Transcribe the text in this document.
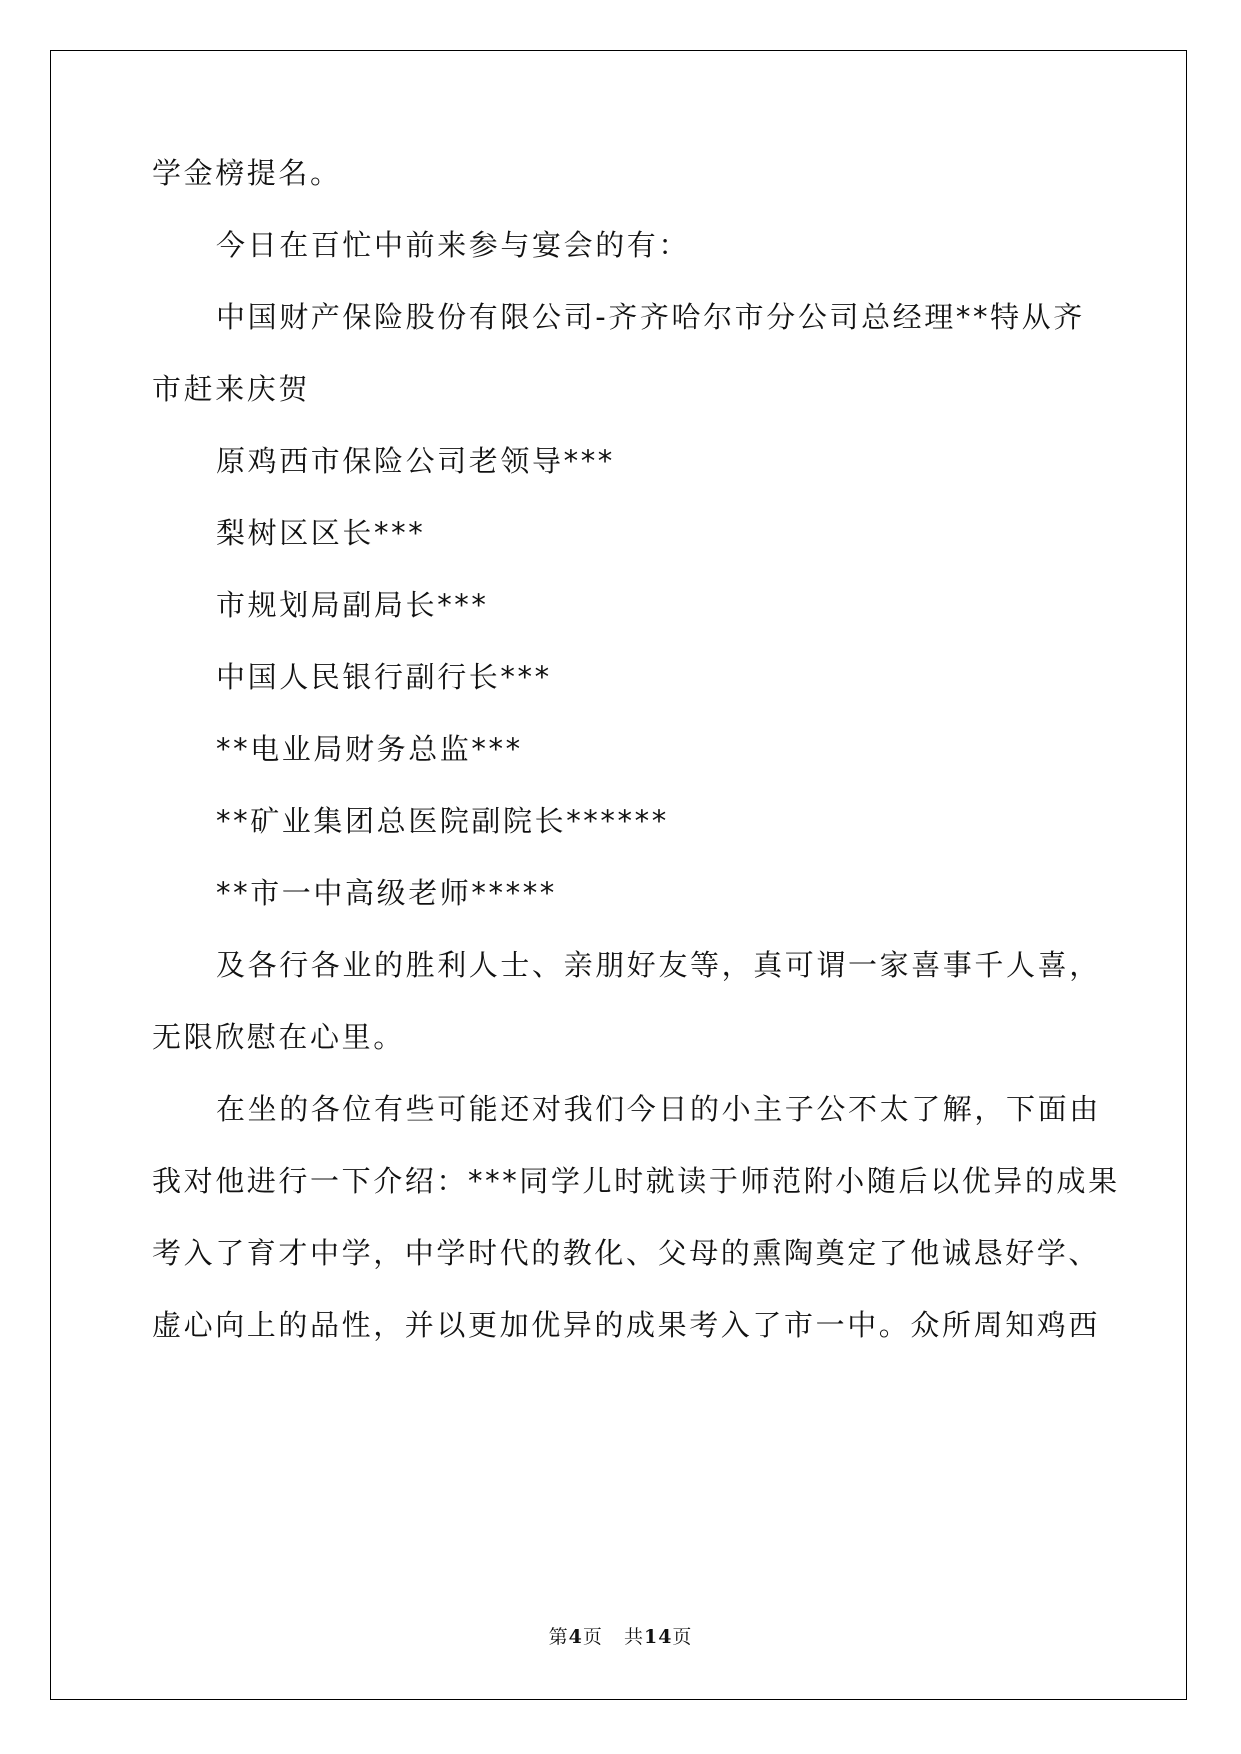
学金榜提名。
今日在百忙中前来参与宴会的有：
中国财产保险股份有限公司-齐齐哈尔市分公司总经理**特从齐
市赶来庆贺
原鸡西市保险公司老领导***
梨树区区长***
市规划局副局长***
中国人民银行副行长***
**电业局财务总监***
**矿业集团总医院副院长******
**市一中高级老师*****
及各行各业的胜利人士、亲朋好友等，真可谓一家喜事千人喜，
无限欣慰在心里。
在坐的各位有些可能还对我们今日的小主子公不太了解，下面由
我对他进行一下介绍：***同学儿时就读于师范附小随后以优异的成果
考入了育才中学，中学时代的教化、父母的熏陶奠定了他诚恳好学、
虚心向上的品性，并以更加优异的成果考入了市一中。众所周知鸡西
第4页 共14页
